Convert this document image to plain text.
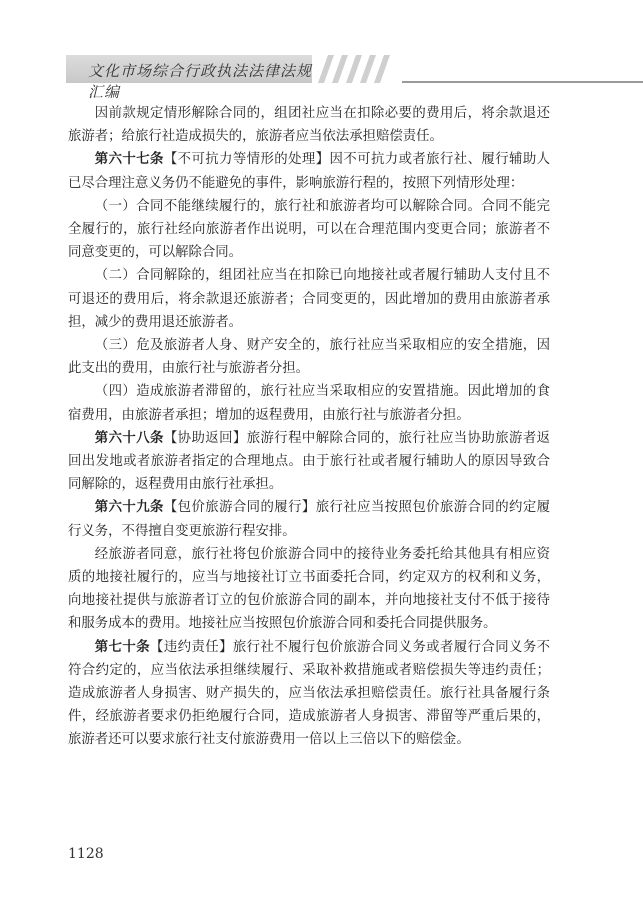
文化市场综合行政执法法律法规汇编

因前款规定情形解除合同的，组团社应当在扣除必要的费用后，将余款退还旅游者；给旅行社造成损失的，旅游者应当依法承担赔偿责任。

第六十七条【不可抗力等情形的处理】因不可抗力或者旅行社、履行辅助人已尽合理注意义务仍不能避免的事件，影响旅游行程的，按照下列情形处理：

（一）合同不能继续履行的，旅行社和旅游者均可以解除合同。合同不能完全履行的，旅行社经向旅游者作出说明，可以在合理范围内变更合同；旅游者不同意变更的，可以解除合同。

（二）合同解除的，组团社应当在扣除已向地接社或者履行辅助人支付且不可退还的费用后，将余款退还旅游者；合同变更的，因此增加的费用由旅游者承担，减少的费用退还旅游者。

（三）危及旅游者人身、财产安全的，旅行社应当采取相应的安全措施，因此支出的费用，由旅行社与旅游者分担。

（四）造成旅游者滞留的，旅行社应当采取相应的安置措施。因此增加的食宿费用，由旅游者承担；增加的返程费用，由旅行社与旅游者分担。

第六十八条【协助返回】旅游行程中解除合同的，旅行社应当协助旅游者返回出发地或者旅游者指定的合理地点。由于旅行社或者履行辅助人的原因导致合同解除的，返程费用由旅行社承担。

第六十九条【包价旅游合同的履行】旅行社应当按照包价旅游合同的约定履行义务，不得擅自变更旅游行程安排。

经旅游者同意，旅行社将包价旅游合同中的接待业务委托给其他具有相应资质的地接社履行的，应当与地接社订立书面委托合同，约定双方的权利和义务，向地接社提供与旅游者订立的包价旅游合同的副本，并向地接社支付不低于接待和服务成本的费用。地接社应当按照包价旅游合同和委托合同提供服务。

第七十条【违约责任】旅行社不履行包价旅游合同义务或者履行合同义务不符合约定的，应当依法承担继续履行、采取补救措施或者赔偿损失等违约责任；造成旅游者人身损害、财产损失的，应当依法承担赔偿责任。旅行社具备履行条件，经旅游者要求仍拒绝履行合同，造成旅游者人身损害、滞留等严重后果的，旅游者还可以要求旅行社支付旅游费用一倍以上三倍以下的赔偿金。

1128
